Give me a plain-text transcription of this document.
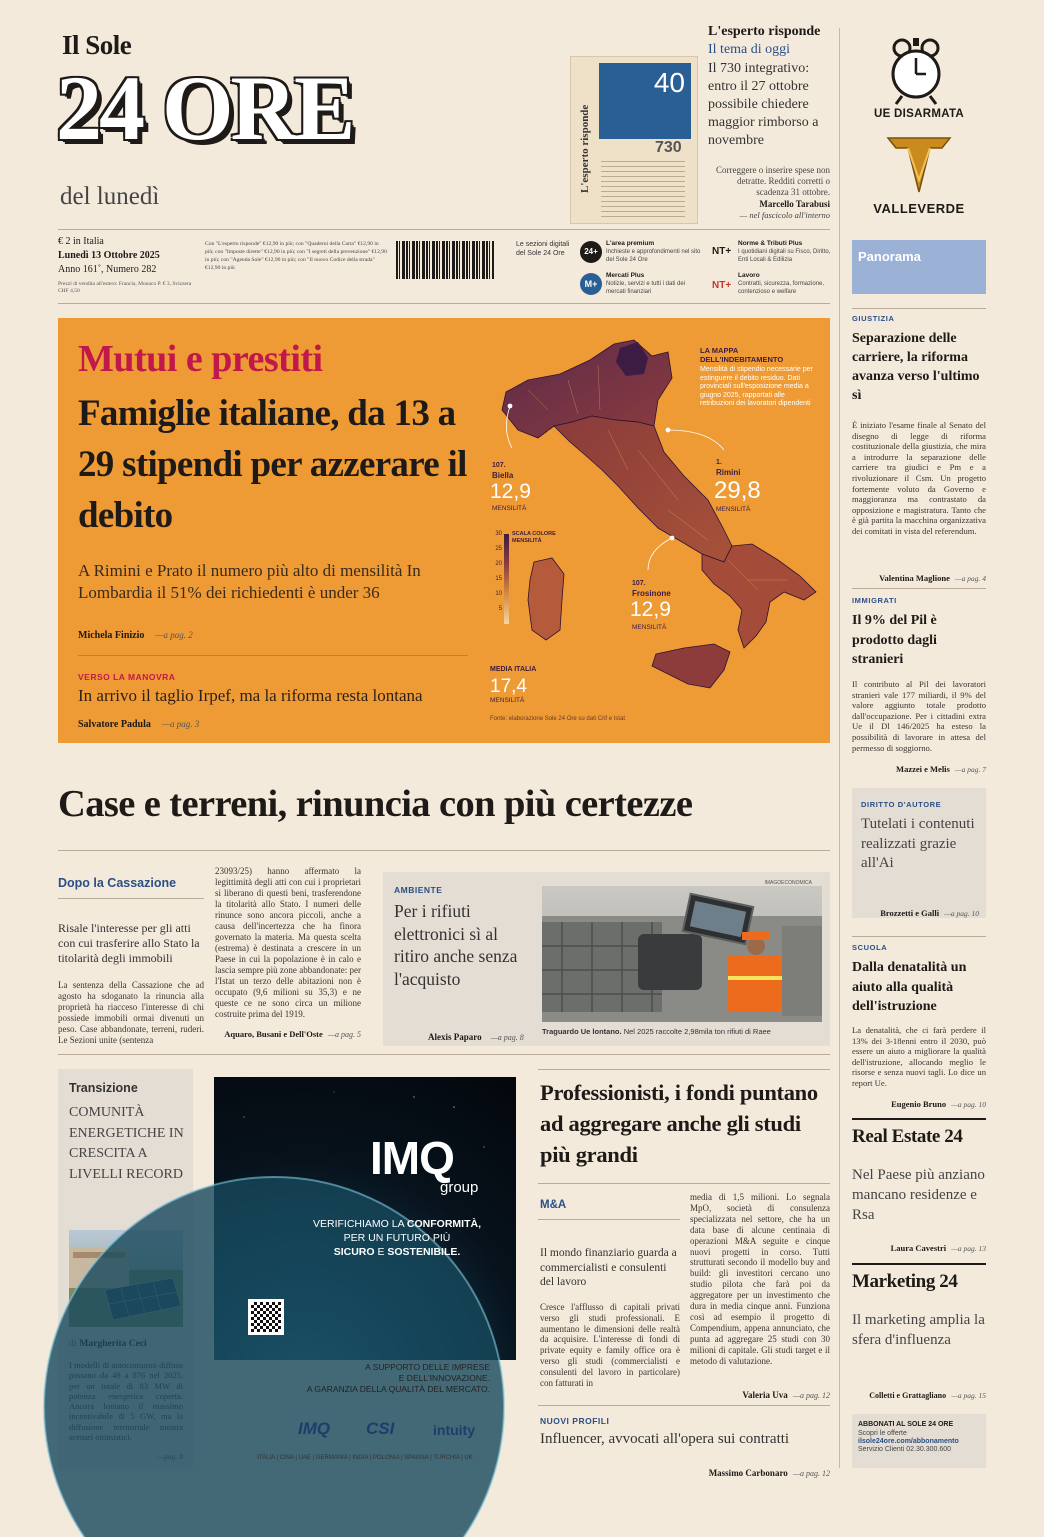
Il Sole
24 ORE
del lunedì
L'esperto risponde
40
730
L'esperto risponde
Il tema di oggi
Il 730 integrativo: entro il 27 ottobre possibile chiedere maggior rimborso a novembre
Correggere o inserire spese non detratte. Redditi corretti o scadenza 31 ottobre.
Marcello Tarabusi
— nel fascicolo all'interno
€ 2 in Italia
Lunedì 13 Ottobre 2025
Anno 161˚, Numero 282
Prezzi di vendita all'estero: Francia, Monaco P. € 3, Svizzera CHF 4,50
Con "L'esperto risponde" €12,90 in più; con "Quaderni della Carta" €12,90 in più; con "Imposte dirette" €12,90 in più; con "I segreti della prevenzione" €12,90 in più; con "Agenda Sole" €12,90 in più; con "Il nuovo Codice della strada" €12,90 in più
Le sezioni digitali del Sole 24 Ore	24+
L'area premium
Inchieste e approfondimenti nel sito del Sole 24 Ore
M+
Mercati Plus
Notizie, servizi e tutti i dati dei mercati finanziari
NT+
Norme & Tributi Plus
I quotidiani digitali su Fisco, Diritto, Enti Locali & Edilizia
NT+
Lavoro
Contratti, sicurezza, formazione, contenzioso e welfare
UE DISARMATA
VALLEVERDE
Panorama
Mutui e prestiti
Famiglie italiane, da 13 a 29 stipendi per azzerare il debito
A Rimini e Prato il numero più alto di mensilità In Lombardia il 51% dei richiedenti è under 36
Michela Finizio —a pag. 2
VERSO LA MANOVRA
In arrivo il taglio Irpef, ma la riforma resta lontana
Salvatore Padula —a pag. 3
LA MAPPA DELL'INDEBITAMENTO
Mensilità di stipendio necessarie per estinguere il debito residuo. Dati provinciali sull'esposizione media a giugno 2025, rapportati alle retribuzioni dei lavoratori dipendenti
107.
Biella
12,9
MENSILITÀ
1.
Rimini
29,8
MENSILITÀ
SCALA COLORE MENSILITÀ
30
25
20
15
10
5
107.
Frosinone
12,9
MENSILITÀ
MEDIA ITALIA
17,4
MENSILITÀ
Fonte: elaborazione Sole 24 Ore su dati Crif e Istat
Case e terreni, rinuncia con più certezze
Dopo la Cassazione
Risale l'interesse per gli atti con cui trasferire allo Stato la titolarità degli immobili
La sentenza della Cassazione che ad agosto ha sdoganato la rinuncia alla proprietà ha riacceso l'interesse di chi possiede immobili ormai divenuti un peso. Case abbandonate, terreni, ruderi. Le Sezioni unite (sentenza
23093/25) hanno affermato la legittimità degli atti con cui i proprietari si liberano di questi beni, trasferendone la titolarità allo Stato. I numeri delle rinunce sono ancora piccoli, anche a causa dell'incertezza che ha finora governato la materia. Ma questa scelta (estrema) è destinata a crescere in un Paese in cui la popolazione è in calo e lascia sempre più zone abbandonate: per l'Istat un terzo delle abitazioni non è occupato (9,6 milioni su 35,3) e ne queste ce ne sono circa un milione costruite prima del 1919.
Aquaro, Busani e Dell'Oste —a pag. 5
AMBIENTE
Per i rifiuti elettronici sì al ritiro anche senza l'acquisto
Alexis Paparo —a pag. 8
IMAGOECONOMICA
Traguardo Ue lontano. Nel 2025 raccolte 2,98mila ton rifiuti di Raee
Transizione
COMUNITÀ ENERGETICHE IN CRESCITA A LIVELLI RECORD	IMQ
group
VERIFICHIAMO LA CONFORMITÀ,
PER UN FUTURO PIÙ
SICURO E SOSTENIBILE.
A SUPPORTO DELLE IMPRESE
E DELL'INNOVAZIONE.
A GARANZIA DELLA QUALITÀ DEL MERCATO.
IMQ CSI	intuity
ITALIA | CINA | UAE | GERMANIA | INDIA | POLONIA | SPAGNA | TURCHIA | UK
Professionisti, i fondi puntano ad aggregare anche gli studi più grandi
M&A
Il mondo finanziario guarda a commercialisti e consulenti del lavoro
Cresce l'afflusso di capitali privati verso gli studi professionali. E aumentano le dimensioni delle realtà da acquisire. L'interesse di fondi di private equity e family office ora è verso gli studi (commercialisti e consulenti del lavoro in particolare) con fatturati in
media di 1,5 milioni. Lo segnala MpO, società di consulenza specializzata nel settore, che ha un data base di alcune centinaia di operazioni M&A seguite e cinque nuovi progetti in corso. Tutti strutturati secondo il modello buy and build: gli investitori cercano uno studio pilota che farà poi da aggregatore per un investimento che dura in media cinque anni. Funziona così ad esempio il progetto di Compendium, appena annunciato, che punta ad aggregare 25 studi con 30 milioni di capitale. Gli studi target e il metodo di valutazione.
Valeria Uva —a pag. 12
NUOVI PROFILI
Influencer, avvocati all'opera sui contratti
Massimo Carbonaro —a pag. 12
GIUSTIZIA
Separazione delle carriere, la riforma avanza verso l'ultimo sì
È iniziato l'esame finale al Senato del disegno di legge di riforma costituzionale della giustizia, che mira a introdurre la separazione delle carriere tra giudici e Pm e a rivoluzionare il Csm. Un progetto fortemente voluto da Governo e maggioranza ma contrastato da opposizione e magistratura. Tanto che è già partita la macchina organizzativa dei comitati in vista del referendum.
Valentina Maglione —a pag. 4
IMMIGRATI
Il 9% del Pil è prodotto dagli stranieri
Il contributo al Pil dei lavoratori stranieri vale 177 miliardi, il 9% del valore aggiunto totale prodotto dall'occupazione. Per i cittadini extra Ue il Dl 146/2025 ha esteso la possibilità di lavorare in attesa del permesso di soggiorno.
Mazzei e Melis —a pag. 7
DIRITTO D'AUTORE
Tutelati i contenuti realizzati grazie all'Ai
Brozzetti e Galli —a pag. 10
SCUOLA
Dalla denatalità un aiuto alla qualità dell'istruzione
La denatalità, che ci farà perdere il 13% dei 3-18enni entro il 2030, può essere un aiuto a migliorare la qualità dell'istruzione, allocando meglio le risorse e senza nuovi tagli. Lo dice un report Ue.
Eugenio Bruno —a pag. 10
Real Estate 24
Nel Paese più anziano mancano residenze e Rsa
Laura Cavestri —a pag. 13
Marketing 24
Il marketing amplia la sfera d'influenza
Colletti e Grattagliano —a pag. 15
ABBONATI AL SOLE 24 ORE
Scopri le offerte
ilsole24ore.com/abbonamento
Servizio Clienti 02.30.300.600
